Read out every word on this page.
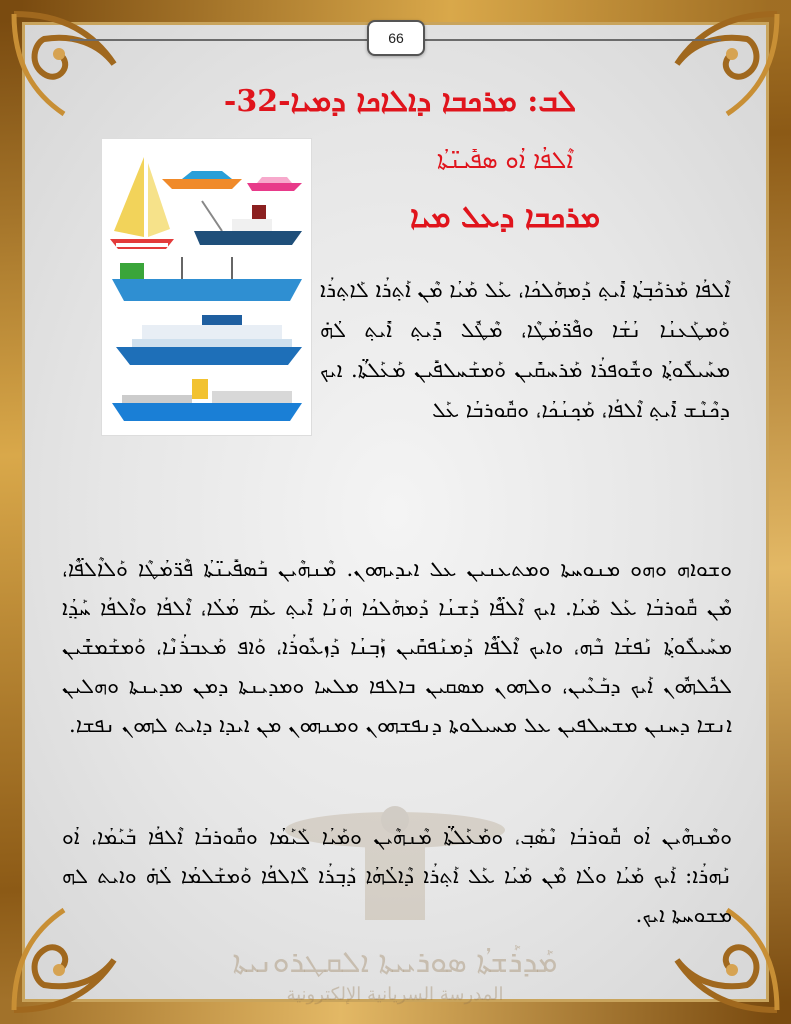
66
ܠܒ: ܡܪܟܒܐ ܕܐܠܐܟܐ ܕܡܝܐ-32-
ܐܶܠܦܳܐ ܐܳܘ ܣܦܺܝܢ̈ܬܳܐ
ܡܪܟܒܐ ܕܥܠ ܡܝܐ
ܐܶܠܦܳܐ ܡܰܪܟܰܒ݂ܬܳܐ ܐܺܝܬ݂ ܕܰܡܗܰܠܟܳܐ، ܥܰܠ ܡܰܝܳܐ ܡܶܢ ܐܰܬ݂ܪܳܐ ܠܰܐܬ݂ܪܳܐ ܘܰܡܛܰܥܢܳܐ ܢܳܫܳܐ ܘܦܶܪ̈ܡܳܛܶܐ، ܡܶܛܽܠ ܕܺܝܬ݂ ܐܺܝܬ݂ ܠܳܗ̇ ܡܚܰܝܠܽܘܬ݂ܳܐ ܘܫܽܘܦܪܳܐ ܡܰܪܚܩܺܝܢ ܘܰܡܫܰܚܠܦܺܝܢ ܡܰܥܰܠܬ̈ܳܐ. ܐܝܟ ܕܟܶܢܶܫ ܐܺܝܬ݂ ܐܶܠܦܳܐ، ܡܰܟ݂ܢܳܟܳܐ، ܘܩܽܘܪܒܳܐ ܥܰܠ
ܘܫܘܐܗ ܘܗܘ ܡܢܘܚܬܐ ܘܡܬܥܢܝܢ ܥܠ ܐܝܕܝܗܘܢ. ܡܶܢܗܶܝܢ ܒܰܣܦܺܝܢ̈ܬܳܐ ܦܶܪ̈ܡܳܛܶܐ ܘܰܠܐܶܠܦܶ̈ܐ، ܡܶܢ ܩܽܘܪܒܳܐ ܥܰܠ ܡܰܝܳܐ. ܐܝܟ ܐܶܠܦܶ̈ܐ ܕܰܫܢܳܐ ܕܰܡܗܰܠܟܳܐ ܗܳܢܳܐ ܐܺܝܬ݂ ܥܰܡ ܡܳܠܳܐ، ܐܶܠܦܳܐ ܘܐܶܠܦܳܐ ܚܰܕ݂ܳܐ ܡܚܰܝܠܽܘܬ݂ܳܐ ܢܰܦܫܳܐ ܒܶܗ، ܘܐܝܟ ܐܶܠܦܶ̈ܐ ܕܰܡܢܰܦܩܺܝܢ ܙܰܒ݂ܢܳܐ ܕܰܙܥܽܘܪܳܐ، ܘܰܐܦ ܡܰܥܒܪܳܢܶܐ، ܘܰܡܫܰܡܫܺܝܢ ܠܟܽܠܗܽܘܢ ܐܰܝܟ ܕܒܰܥܶܝܢ، ܘܠܗܘܢ ܡܣܩܝܢ ܒܐܠܦܐ ܡܠܚܐ ܘܡܕܝܢܬܐ ܕܡܢ ܡܕܝܢܬܐ ܘܗܠܝܢ ܐܢܫܐ ܕܚܢܢ ܡܫܚܠܦܝܢ ܥܠ ܡܚܝܠܘܬܐ ܕܢܦܫܗܘܢ ܘܡܢܗܘܢ ܡܢ ܐܝܕܐ ܕܐܝܬ ܠܗܘܢ ܢܦܫܐ.
ܘܡܶܢܗܶܝܢ ܐܳܘ ܩܽܘܪܒܳܐ ܢܶܣܰܒ݂، ܘܡܰܥܰܠܬ̈ܳܐ ܡܶܢܗܶܝܢ ܘܡܰܝܳܐ ܠܰܝܰܡܳܐ ܘܩܽܘܪܒܳܐ ܐܶܠܦܳܐ ܒܰܝܰܡܳܐ، ܐܳܘ ܢܰܗܪܳܐ: ܐܰܝܟ ܡܰܝܳܐ ܘܠܳܐ ܡܶܢ ܡܰܝܳܐ ܥܰܠ ܐܰܬ݂ܪܳܐ ܕܶܐܠܳܗܳܐ ܕܰܒ݂ܪܳܐ ܠܶܐܠܦܳܐ ܘܰܡܫܰܠܡܳܐ ܠܳܗ̇ ܘܐܝܬ ܠܗ ܡܫܘܚܬܐ ܐܝܟ.
ܡܰܕܪܰܫܬܳܐ ܣܘܪܝܝܬܐ ܐܠܩܛܪܘܢܝܬܐ
المدرسة السريانية الإلكترونية
